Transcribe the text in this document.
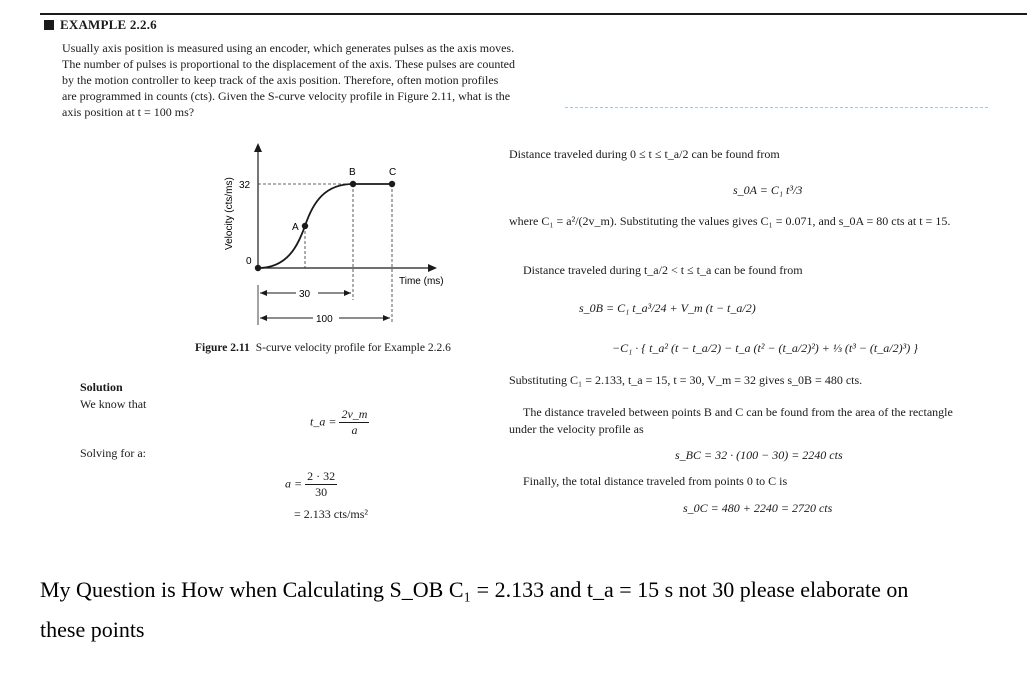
EXAMPLE 2.2.6
Usually axis position is measured using an encoder, which generates pulses as the axis moves.
The number of pulses is proportional to the displacement of the axis. These pulses are counted
by the motion controller to keep track of the axis position. Therefore, often motion profiles
are programmed in counts (cts). Given the S-curve velocity profile in Figure 2.11, what is the
axis position at t = 100 ms?
A
B	C
32
0
Velocity (cts/ms)
Time (ms)
30
100
Figure 2.11 S-curve velocity profile for Example 2.2.6
Solution
We know that
t_a = $\frac{2v\_m}{a}$
Solving for a:
$a = \frac{2 \cdot 32}{30}$
= 2.133 cts/ms²
Distance traveled during 0 ≤ t ≤ t_a/2 can be found from
s_0A = C₁ t³/3
where C₁ = a²/(2v_m). Substituting the values gives C₁ = 0.071, and s_0A = 80 cts at t = 15.
Distance traveled during t_a/2 < t ≤ t_a can be found from
s_0B = C₁ t_a³/24 + V_m (t − t_a/2)
−C₁ · { t_a² (t − t_a/2) − t_a (t² − (t_a/2)²) + ⅓ (t³ − (t_a/2)³) }
Substituting C₁ = 2.133, t_a = 15, t = 30, V_m = 32 gives s_0B = 480 cts.
The distance traveled between points B and C can be found from the area of the rectangle
under the velocity profile as
s_BC = 32 · (100 − 30) = 2240 cts
Finally, the total distance traveled from points 0 to C is
s_0C = 480 + 2240 = 2720 cts
My Question is How when Calculating S_OB C₁ = 2.133 and t_a = 15 s not 30 please elaborate on
these points
